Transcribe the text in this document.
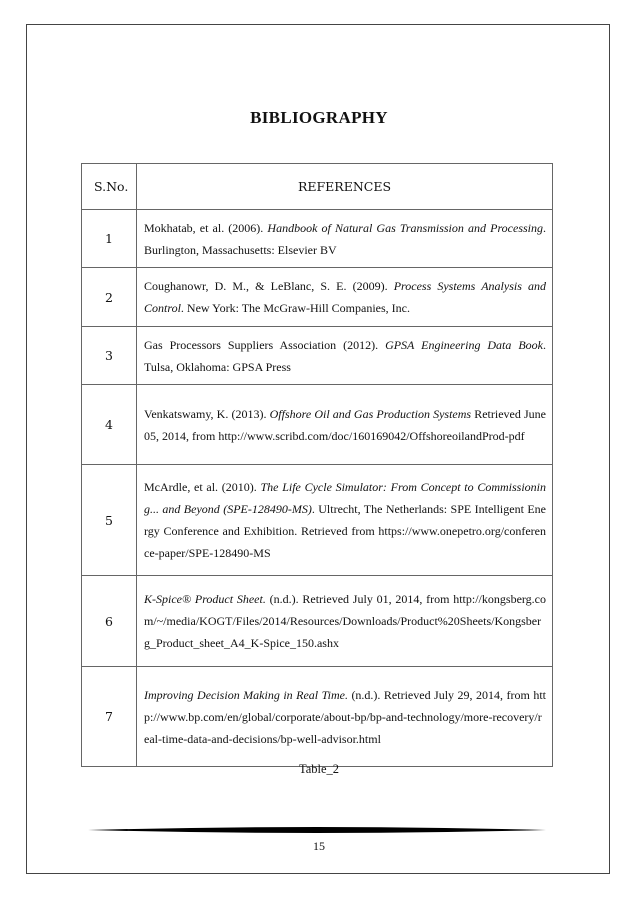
BIBLIOGRAPHY
S.No.	REFERENCES
1	Mokhatab, et al. (2006). Handbook of Natural Gas Transmission and Processing. Burlington, Massachusetts: Elsevier BV
2	Coughanowr, D. M., & LeBlanc, S. E. (2009). Process Systems Analysis and Control. New York: The McGraw-Hill Companies, Inc.
3	Gas Processors Suppliers Association (2012). GPSA Engineering Data Book. Tulsa, Oklahoma: GPSA Press
4	Venkatswamy, K. (2013). Offshore Oil and Gas Production Systems Retrieved June 05, 2014, from http://www.scribd.com/doc/160169042/OffshoreoilandProd-pdf
5	McArdle, et al. (2010). The Life Cycle Simulator: From Concept to Commissioning... and Beyond (SPE-128490-MS). Ultrecht, The Netherlands: SPE Intelligent Energy Conference and Exhibition. Retrieved from https://www.onepetro.org/conference-paper/SPE-128490-MS
6	K-Spice® Product Sheet. (n.d.). Retrieved July 01, 2014, from http://kongsberg.com/~/media/KOGT/Files/2014/Resources/Downloads/Product%20Sheets/Kongsberg_Product_sheet_A4_K-Spice_150.ashx
7	Improving Decision Making in Real Time. (n.d.). Retrieved July 29, 2014, from http://www.bp.com/en/global/corporate/about-bp/bp-and-technology/more-recovery/real-time-data-and-decisions/bp-well-advisor.html
Table_2
15
